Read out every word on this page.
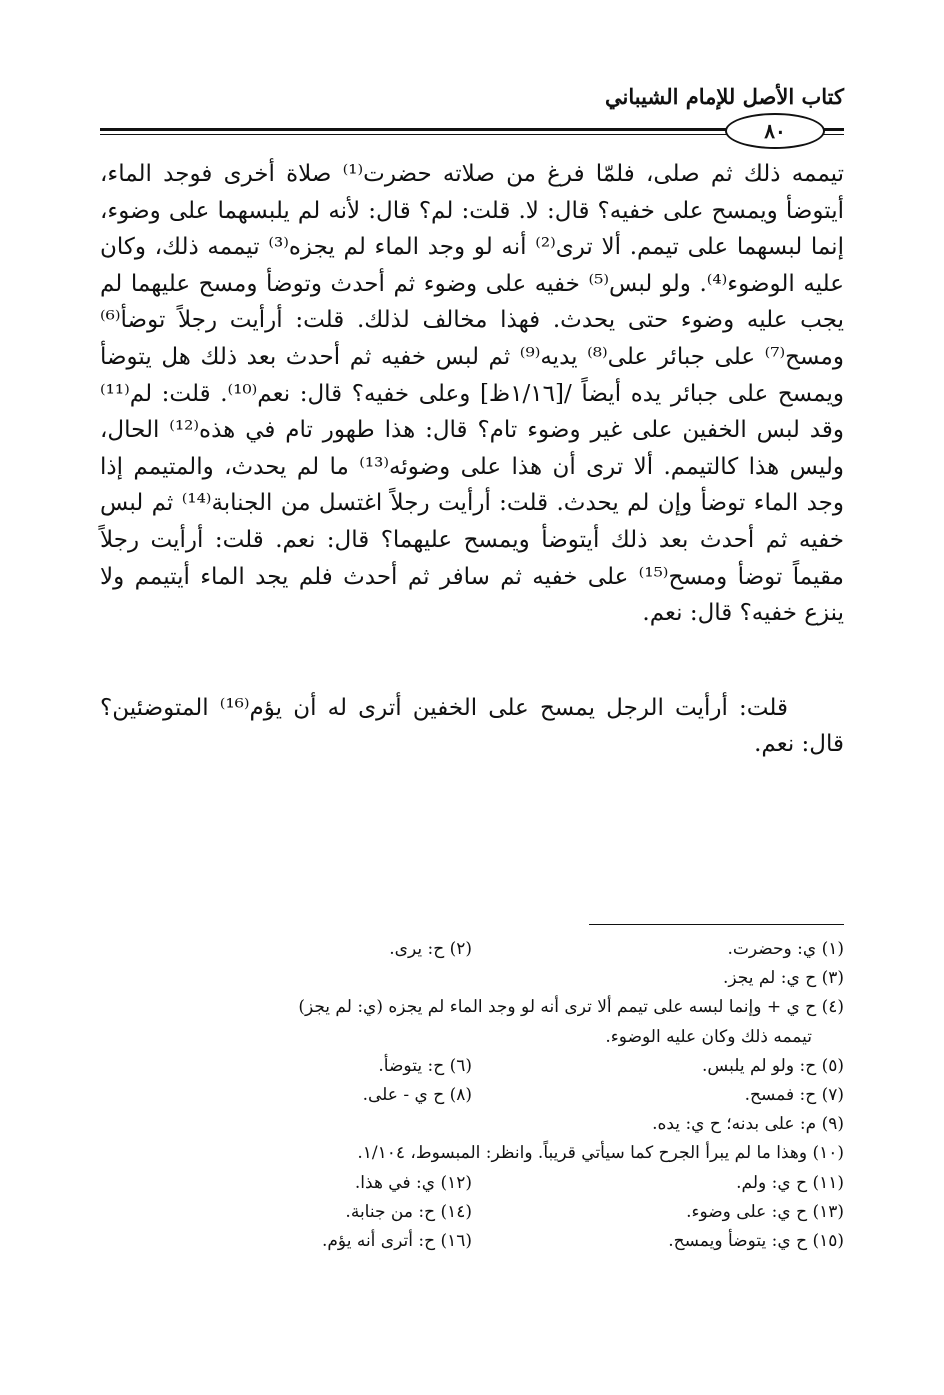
كتاب الأصل للإمام الشيباني
٨٠

تيممه ذلك ثم صلى، فلمّا فرغ من صلاته حضرت⁽¹⁾ صلاة أخرى فوجد الماء، أيتوضأ ويمسح على خفيه؟ قال: لا. قلت: لم؟ قال: لأنه لم يلبسهما على وضوء، إنما لبسهما على تيمم. ألا ترى⁽²⁾ أنه لو وجد الماء لم يجزه⁽³⁾ تيممه ذلك، وكان عليه الوضوء⁽⁴⁾. ولو لبس⁽⁵⁾ خفيه على وضوء ثم أحدث وتوضأ ومسح عليهما لم يجب عليه وضوء حتى يحدث. فهذا مخالف لذلك. قلت: أرأيت رجلاً توضأ⁽⁶⁾ ومسح⁽⁷⁾ على جبائر على⁽⁸⁾ يديه⁽⁹⁾ ثم لبس خفيه ثم أحدث بعد ذلك هل يتوضأ ويمسح على جبائر يده أيضاً /[١/١٦ظ] وعلى خفيه؟ قال: نعم⁽¹⁰⁾. قلت: لم⁽¹¹⁾ وقد لبس الخفين على غير وضوء تام؟ قال: هذا طهور تام في هذه⁽¹²⁾ الحال، وليس هذا كالتيمم. ألا ترى أن هذا على وضوئه⁽¹³⁾ ما لم يحدث، والمتيمم إذا وجد الماء توضأ وإن لم يحدث. قلت: أرأيت رجلاً اغتسل من الجنابة⁽¹⁴⁾ ثم لبس خفيه ثم أحدث بعد ذلك أيتوضأ ويمسح عليهما؟ قال: نعم. قلت: أرأيت رجلاً مقيماً توضأ ومسح⁽¹⁵⁾ على خفيه ثم سافر ثم أحدث فلم يجد الماء أيتيمم ولا ينزع خفيه؟ قال: نعم.

قلت: أرأيت الرجل يمسح على الخفين أترى له أن يؤم⁽¹⁶⁾ المتوضئين؟ قال: نعم.

(١) ي: وحضرت.
(٢) ح: يرى.
(٣) ح ي: لم يجز.
(٤) ح ي + وإنما لبسه على تيمم ألا ترى أنه لو وجد الماء لم يجزه (ي: لم يجز)
تيممه ذلك وكان عليه الوضوء.
(٥) ح: ولو لم يلبس.
(٦) ح: يتوضأ.
(٧) ح: فمسح.
(٨) ح ي - على.
(٩) م: على بدنه؛ ح ي: يده.
(١٠) وهذا ما لم يبرأ الجرح كما سيأتي قريباً. وانظر: المبسوط، ١/١٠٤.
(١١) ح ي: ولم.
(١٢) ي: في هذا.
(١٣) ح ي: على وضوء.
(١٤) ح: من جنابة.
(١٥) ح ي: يتوضأ ويمسح.
(١٦) ح: أترى أنه يؤم.
